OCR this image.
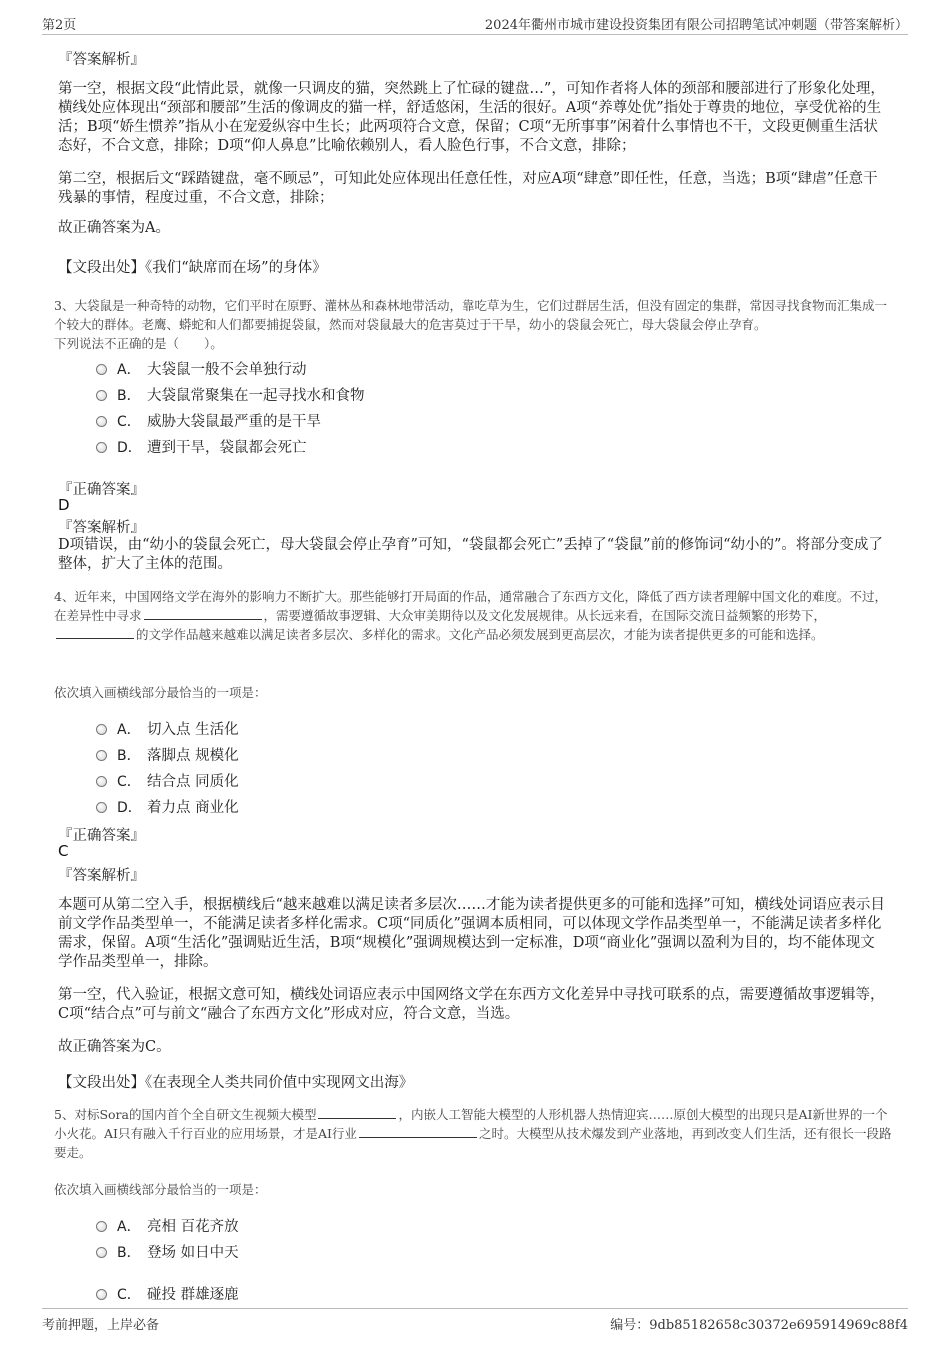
第2页	2024年衢州市城市建设投资集团有限公司招聘笔试冲刺题（带答案解析）
『答案解析』

第一空，根据文段“此情此景，就像一只调皮的猫，突然跳上了忙碌的键盘…”，可知作者将人体的颈部和腰部进行了形象化处理，横线处应体现出“颈部和腰部”生活的像调皮的猫一样，舒适悠闲，生活的很好。A项“养尊处优”指处于尊贵的地位，享受优裕的生活；B项“娇生惯养”指从小在宠爱纵容中生长；此两项符合文意，保留；C项“无所事事”闲着什么事情也不干，文段更侧重生活状态好，不合文意，排除；D项“仰人鼻息”比喻依赖别人，看人脸色行事，不合文意，排除；

第二空，根据后文“踩踏键盘，毫不顾忌”，可知此处应体现出任意任性，对应A项“肆意”即任性，任意，当选；B项“肆虐”任意干残暴的事情，程度过重，不合文意，排除；

故正确答案为A。

【文段出处】《我们“缺席而在场”的身体》

3、大袋鼠是一种奇特的动物，它们平时在原野、灌林丛和森林地带活动，靠吃草为生，它们过群居生活，但没有固定的集群，常因寻找食物而汇集成一个较大的群体。老鹰、蟒蛇和人们都要捕捉袋鼠，然而对袋鼠最大的危害莫过于干旱，幼小的袋鼠会死亡，母大袋鼠会停止孕育。

下列说法不正确的是（　　）。

A． 大袋鼠一般不会单独行动
B． 大袋鼠常聚集在一起寻找水和食物
C． 威胁大袋鼠最严重的是干旱
D． 遭到干旱，袋鼠都会死亡
『正确答案』
D
『答案解析』

D项错误，由“幼小的袋鼠会死亡，母大袋鼠会停止孕育”可知，“袋鼠都会死亡”丢掉了“袋鼠”前的修饰词“幼小的”。将部分变成了整体，扩大了主体的范围。

4、近年来，中国网络文学在海外的影响力不断扩大。那些能够打开局面的作品，通常融合了东西方文化，降低了西方读者理解中国文化的难度。不过，在差异性中寻求	，需要遵循故事逻辑、大众审美期待以及文化发展规律。从长远来看，在国际交流日益频繁的形势下，的文学作品越来越难以满足读者多层次、多样化的需求。文化产品必须发展到更高层次，才能为读者提供更多的可能和选择。

依次填入画横线部分最恰当的一项是：

A． 切入点 生活化
B． 落脚点 规模化
C． 结合点 同质化
D． 着力点 商业化
『正确答案』
C
『答案解析』

本题可从第二空入手，根据横线后“越来越难以满足读者多层次……才能为读者提供更多的可能和选择”可知，横线处词语应表示目前文学作品类型单一，不能满足读者多样化需求。C项“同质化”强调本质相同，可以体现文学作品类型单一，不能满足读者多样化需求，保留。A项“生活化”强调贴近生活，B项“规模化”强调规模达到一定标准，D项“商业化”强调以盈利为目的，均不能体现文学作品类型单一，排除。

第一空，代入验证，根据文意可知，横线处词语应表示中国网络文学在东西方文化差异中寻找可联系的点，需要遵循故事逻辑等，C项“结合点”可与前文“融合了东西方文化”形成对应，符合文意，当选。

故正确答案为C。

【文段出处】《在表现全人类共同价值中实现网文出海》

5、对标Sora的国内首个全自研文生视频大模型	，内嵌人工智能大模型的人形机器人热情迎宾……原创大模型的出现只是AI新世界的一个小火花。AI只有融入千行百业的应用场景，才是AI行业	之时。大模型从技术爆发到产业落地，再到改变人们生活，还有很长一段路要走。

依次填入画横线部分最恰当的一项是：

A． 亮相 百花齐放
B． 登场 如日中天
C． 碰投 群雄逐鹿
考前押题，上岸必备	编号：9db85182658c30372e695914969c88f4
